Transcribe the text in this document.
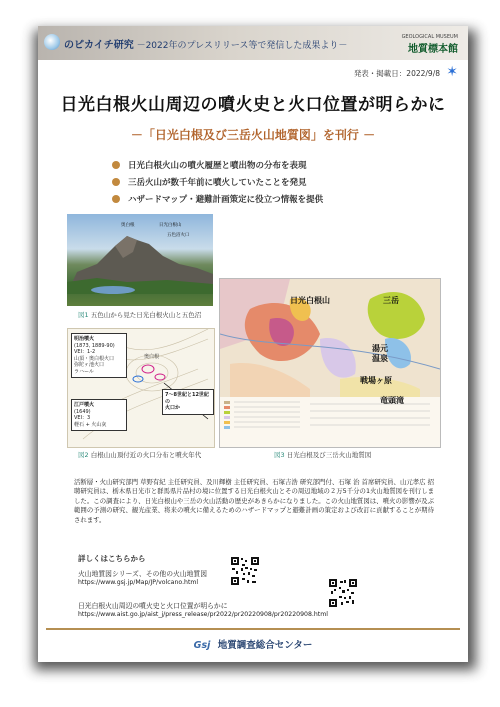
のピカイチ研究 －2022年のプレスリリース等で発信した成果より－
GEOLOGICAL MUSEUM
地質標本館
発表・掲載日：2022/9/8 ✶
日光白根火山周辺の噴火史と火口位置が明らかに
－「日光白根及び三岳火山地質図」を刊行 －
日光白根火山の噴火履歴と噴出物の分布を表現
三岳火山が数千年前に噴火していたことを発見
ハザードマップ・避難計画策定に役立つ情報を提供
奥白根	日光白根山
五色沼火口
図1 五色山から見た日光白根火山と五色沼
明治噴火
(1873, 1889-90)
VEI：1-2
山頂・奥白根火口
弥陀ヶ池火口
ラハール
江戸噴火
(1649)
VEI：3
軽石 + 火山灰
7～8世紀と12世紀の
火口か
奥白根
図2 白根山山頂付近の火口分布と噴火年代
日光白根山	三岳
湯元
温泉
戦場ヶ原
竜頭滝
図3 日光白根及び三岳火山地質図
活断層・火山研究部門 草野有紀 主任研究員、及川輝樹 主任研究員、石塚吉浩 研究部門付、石塚 治 首席研究員、山元孝広 招聘研究員は、栃木県日光市と群馬県片品村の境に位置する日光白根火山とその周辺地域の２万5千分の1火山地質図を刊行しました。この調査により、日光白根山や三岳の火山活動の歴史があきらかになりました。この火山地質図は、噴火の影響が及ぶ範囲の予測の研究、観光産業、将来の噴火に備えるためのハザードマップと避難計画の策定および改訂に貢献することが期待されます。
詳しくはこちらから
火山地質図シリーズ、その他の火山地質図
https://www.gsj.jp/Map/JP/volcano.html
日光白根火山周辺の噴火史と火口位置が明らかに
https://www.aist.go.jp/aist_j/press_release/pr2022/pr20220908/pr20220908.html
Gsj 地質調査総合センター
